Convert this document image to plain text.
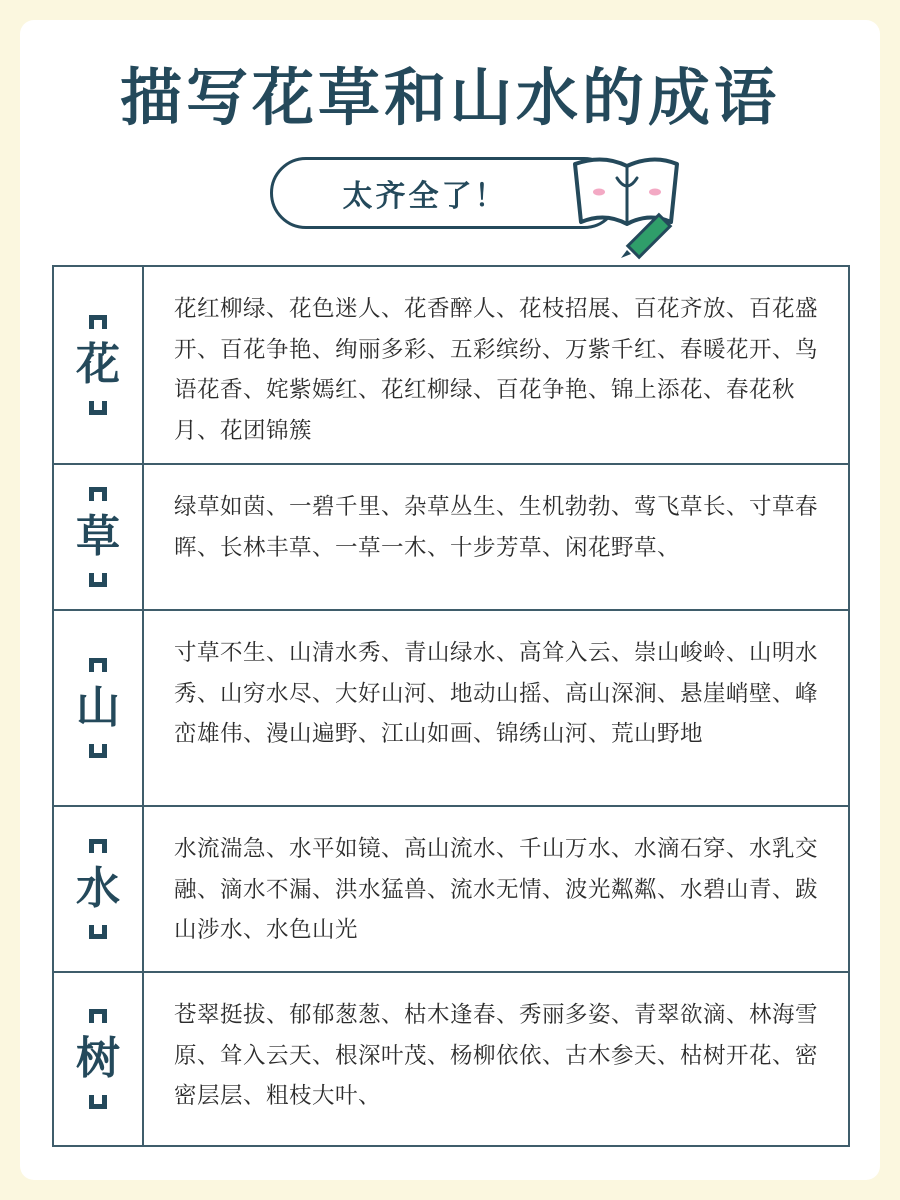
描写花草和山水的成语
太齐全了！
花
花红柳绿、花色迷人、花香醉人、花枝招展、百花齐放、百花盛开、百花争艳、绚丽多彩、五彩缤纷、万紫千红、春暖花开、鸟语花香、姹紫嫣红、花红柳绿、百花争艳、锦上添花、春花秋月、花团锦簇
草
绿草如茵、一碧千里、杂草丛生、生机勃勃、莺飞草长、寸草春晖、长林丰草、一草一木、十步芳草、闲花野草、
山
寸草不生、山清水秀、青山绿水、高耸入云、崇山峻岭、山明水秀、山穷水尽、大好山河、地动山摇、高山深涧、悬崖峭壁、峰峦雄伟、漫山遍野、江山如画、锦绣山河、荒山野地
水
水流湍急、水平如镜、高山流水、千山万水、水滴石穿、水乳交融、滴水不漏、洪水猛兽、流水无情、波光粼粼、水碧山青、跋山涉水、水色山光
树
苍翠挺拔、郁郁葱葱、枯木逢春、秀丽多姿、青翠欲滴、林海雪原、耸入云天、根深叶茂、杨柳依依、古木参天、枯树开花、密密层层、粗枝大叶、
